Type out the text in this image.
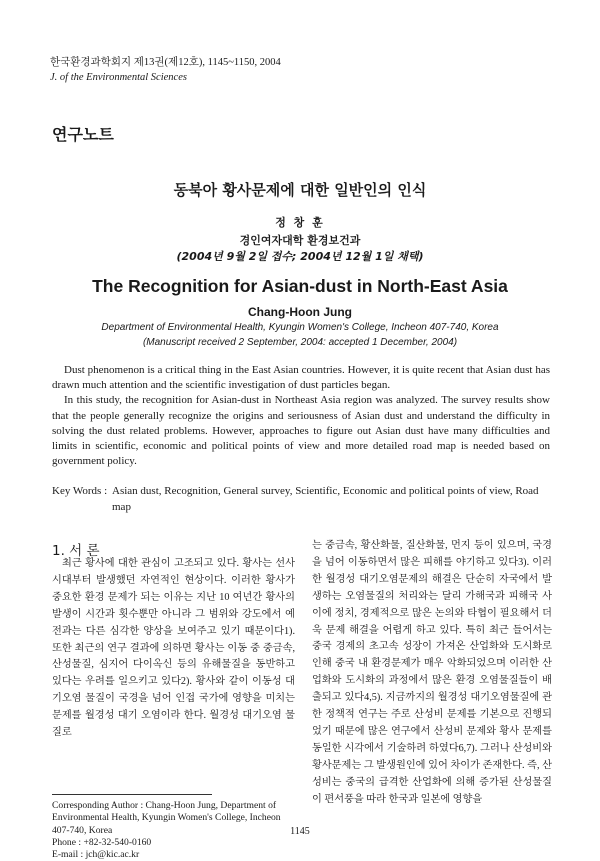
한국환경과학회지 제13권(제12호), 1145~1150, 2004
J. of the Environmental Sciences
연구노트
동북아 황사문제에 대한 일반인의 인식
정 창 훈
경인여자대학 환경보건과
(2004년 9월 2일 접수; 2004년 12월 1일 채택)
The Recognition for Asian-dust in North-East Asia
Chang-Hoon Jung
Department of Environmental Health, Kyungin Women's College, Incheon 407-740, Korea
(Manuscript received 2 September, 2004: accepted 1 December, 2004)

Dust phenomenon is a critical thing in the East Asian countries. However, it is quite recent that Asian dust has drawn much attention and the scientific investigation of dust particles began.

In this study, the recognition for Asian-dust in Northeast Asia region was analyzed. The survey results show that the people generally recognize the origins and seriousness of Asian dust and understand the difficulty in solving the dust related problems. However, approaches to figure out Asian dust have many difficulties and limits in scientific, economic and political points of view and more detailed road map is needed based on government policy.

Key Words : Asian dust, Recognition, General survey, Scientific, Economic and political points of view, Road
map
1. 서 론

최근 황사에 대한 관심이 고조되고 있다. 황사는 선사시대부터 발생했던 자연적인 현상이다. 이러한 황사가 중요한 환경 문제가 되는 이유는 지난 10 여년간 황사의 발생이 시간과 횟수뿐만 아니라 그 범위와 강도에서 예전과는 다른 심각한 양상을 보여주고 있기 때문이다1). 또한 최근의 연구 결과에 의하면 황사는 이동 중 중금속, 산성물질, 심지어 다이옥신 등의 유해물질을 동반하고 있다는 우려를 일으키고 있다2). 황사와 같이 이동성 대기오염 물질이 국경을 넘어 인접 국가에 영향을 미치는 문제를 월경성 대기 오염이라 한다. 월경성 대기오염 물질로

는 중금속, 황산화물, 질산화물, 먼지 등이 있으며, 국경을 넘어 이동하면서 많은 피해를 야기하고 있다3). 이러한 월경성 대기오염문제의 해결은 단순히 자국에서 발생하는 오염물질의 처리와는 달리 가해국과 피해국 사이에 정치, 경제적으로 많은 논의와 타협이 필요해서 더욱 문제 해결을 어렵게 하고 있다. 특히 최근 들어서는 중국 경제의 초고속 성장이 가져온 산업화와 도시화로 인해 중국 내 환경문제가 매우 악화되었으며 이러한 산업화와 도시화의 과정에서 많은 환경 오염물질들이 배출되고 있다4,5). 지금까지의 월경성 대기오염물질에 관한 정책적 연구는 주로 산성비 문제를 기본으로 진행되었기 때문에 많은 연구에서 산성비 문제와 황사 문제를 동일한 시각에서 기술하려 하였다6,7). 그러나 산성비와 황사문제는 그 발생원인에 있어 차이가 존재한다. 즉, 산성비는 중국의 급격한 산업화에 의해 증가된 산성물질이 편서풍을 따라 한국과 일본에 영향을

Corresponding Author : Chang-Hoon Jung, Department of Environmental Health, Kyungin Women's College, Incheon 407-740, Korea
Phone : +82-32-540-0160
E-mail : jch@kic.ac.kr
1145
